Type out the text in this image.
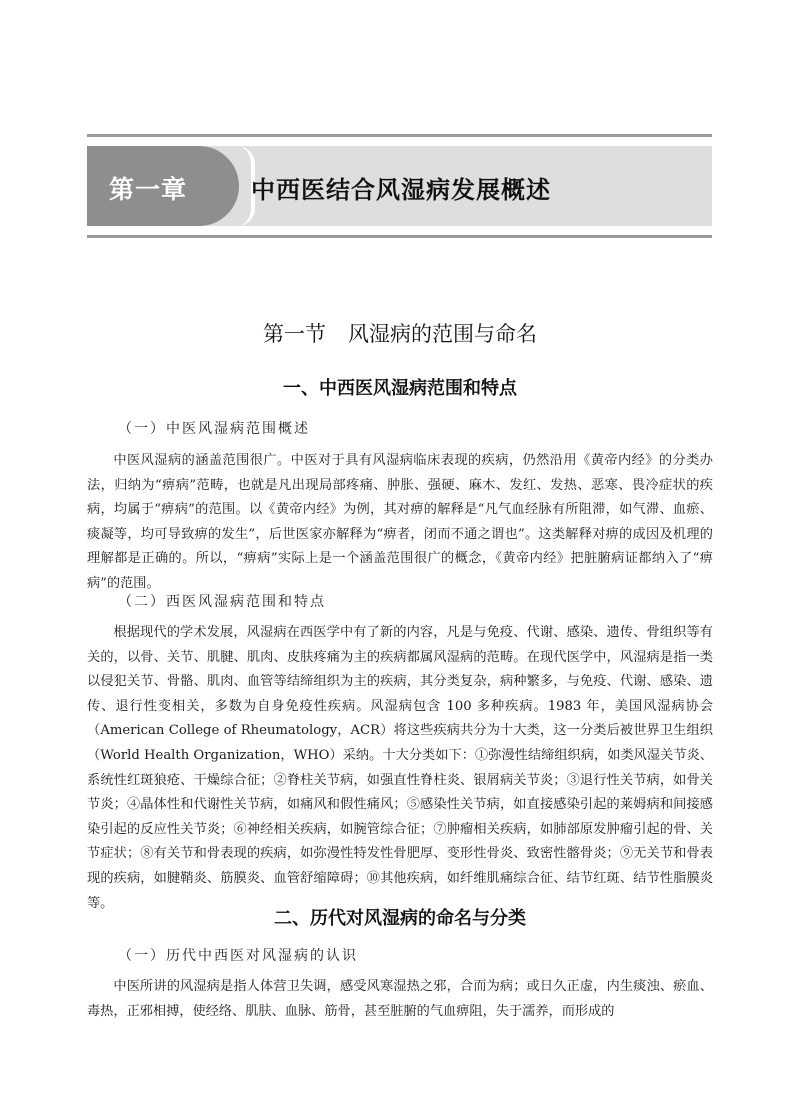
第一章	中西医结合风湿病发展概述
第一节 风湿病的范围与命名
一、中西医风湿病范围和特点
（一）中医风湿病范围概述

中医风湿病的涵盖范围很广。中医对于具有风湿病临床表现的疾病，仍然沿用《黄帝内经》的分类办法，归纳为“痹病”范畴，也就是凡出现局部疼痛、肿胀、强硬、麻木、发红、发热、恶寒、畏冷症状的疾病，均属于“痹病”的范围。以《黄帝内经》为例，其对痹的解释是“凡气血经脉有所阻滞，如气滞、血瘀、痰凝等，均可导致痹的发生”，后世医家亦解释为“痹者，闭而不通之谓也”。这类解释对痹的成因及机理的理解都是正确的。所以，“痹病”实际上是一个涵盖范围很广的概念，《黄帝内经》把脏腑病证都纳入了“痹病”的范围。

（二）西医风湿病范围和特点

根据现代的学术发展，风湿病在西医学中有了新的内容，凡是与免疫、代谢、感染、遗传、骨组织等有关的，以骨、关节、肌腱、肌肉、皮肤疼痛为主的疾病都属风湿病的范畴。在现代医学中，风湿病是指一类以侵犯关节、骨骼、肌肉、血管等结缔组织为主的疾病，其分类复杂，病种繁多，与免疫、代谢、感染、遗传、退行性变相关，多数为自身免疫性疾病。风湿病包含 100 多种疾病。1983 年，美国风湿病协会（American College of Rheumatology，ACR）将这些疾病共分为十大类，这一分类后被世界卫生组织（World Health Organization，WHO）采纳。十大分类如下：①弥漫性结缔组织病，如类风湿关节炎、系统性红斑狼疮、干燥综合征；②脊柱关节病，如强直性脊柱炎、银屑病关节炎；③退行性关节病，如骨关节炎；④晶体性和代谢性关节病，如痛风和假性痛风；⑤感染性关节病，如直接感染引起的莱姆病和间接感染引起的反应性关节炎；⑥神经相关疾病，如腕管综合征；⑦肿瘤相关疾病，如肺部原发肿瘤引起的骨、关节症状；⑧有关节和骨表现的疾病，如弥漫性特发性骨肥厚、变形性骨炎、致密性髂骨炎；⑨无关节和骨表现的疾病，如腱鞘炎、筋膜炎、血管舒缩障碍；⑩其他疾病，如纤维肌痛综合征、结节红斑、结节性脂膜炎等。

二、历代对风湿病的命名与分类
（一）历代中西医对风湿病的认识

中医所讲的风湿病是指人体营卫失调，感受风寒湿热之邪，合而为病；或日久正虚，内生痰浊、瘀血、毒热，正邪相搏，使经络、肌肤、血脉、筋骨，甚至脏腑的气血痹阻，失于濡养，而形成的
